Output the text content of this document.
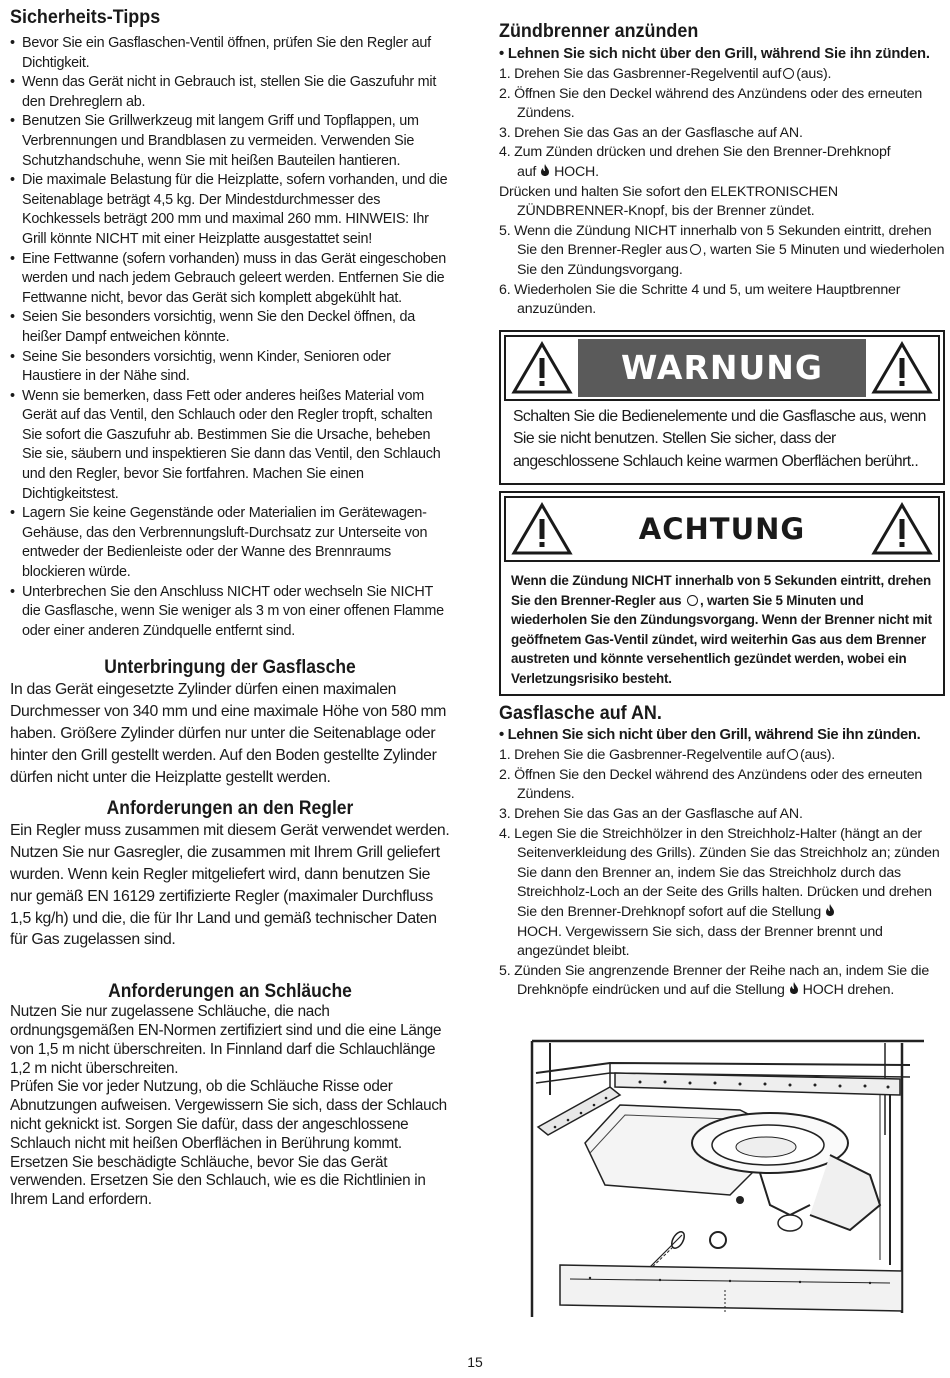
Sicherheits-Tipps
• Bevor Sie ein Gasflaschen-Ventil öffnen, prüfen Sie den Regler auf Dichtigkeit.
• Wenn das Gerät nicht in Gebrauch ist, stellen Sie die Gaszufuhr mit den Drehreglern ab.
• Benutzen Sie Grillwerkzeug mit langem Griff und Topflappen, um Verbrennungen und Brandblasen zu vermeiden. Verwenden Sie Schutzhandschuhe, wenn Sie mit heißen Bauteilen hantieren.
• Die maximale Belastung für die Heizplatte, sofern vorhanden, und die Seitenablage beträgt 4,5 kg. Der Mindestdurchmesser des Kochkessels beträgt 200 mm und maximal 260 mm. HINWEIS: Ihr Grill könnte NICHT mit einer Heizplatte ausgestattet sein!
• Eine Fettwanne (sofern vorhanden) muss in das Gerät eingeschoben werden und nach jedem Gebrauch geleert werden. Entfernen Sie die Fettwanne nicht, bevor das Gerät sich komplett abgekühlt hat.
• Seien Sie besonders vorsichtig, wenn Sie den Deckel öffnen, da heißer Dampf entweichen könnte.
• Seine Sie besonders vorsichtig, wenn Kinder, Senioren oder Haustiere in der Nähe sind.
• Wenn sie bemerken, dass Fett oder anderes heißes Material vom Gerät auf das Ventil, den Schlauch oder den Regler tropft, schalten Sie sofort die Gaszufuhr ab. Bestimmen Sie die Ursache, beheben Sie sie, säubern und inspektieren Sie dann das Ventil, den Schlauch und den Regler, bevor Sie fortfahren. Machen Sie einen Dichtigkeitstest.
• Lagern Sie keine Gegenstände oder Materialien im Gerätewagen-Gehäuse, das den Verbrennungsluft-Durchsatz zur Unterseite von entweder der Bedienleiste oder der Wanne des Brennraums blockieren würde.
• Unterbrechen Sie den Anschluss NICHT oder wechseln Sie NICHT die Gasflasche, wenn Sie weniger als 3 m von einer offenen Flamme oder einer anderen Zündquelle entfernt sind.
Unterbringung der Gasflasche
In das Gerät eingesetzte Zylinder dürfen einen maximalen Durchmesser von 340 mm und eine maximale Höhe von 580 mm haben. Größere Zylinder dürfen nur unter die Seitenablage oder hinter den Grill gestellt werden. Auf den Boden gestellte Zylinder dürfen nicht unter die Heizplatte gestellt werden.
Anforderungen an den Regler
Ein Regler muss zusammen mit diesem Gerät verwendet werden. Nutzen Sie nur Gasregler, die zusammen mit Ihrem Grill geliefert wurden. Wenn kein Regler mitgeliefert wird, dann benutzen Sie nur gemäß EN 16129 zertifizierte Regler (maximaler Durchfluss 1,5 kg/h) und die, die für Ihr Land und gemäß technischer Daten für Gas zugelassen sind.
Anforderungen an Schläuche
Nutzen Sie nur zugelassene Schläuche, die nach ordnungsgemäßen EN-Normen zertifiziert sind und die eine Länge von 1,5 m nicht überschreiten. In Finnland darf die Schlauchlänge 1,2 m nicht überschreiten.
Prüfen Sie vor jeder Nutzung, ob die Schläuche Risse oder Abnutzungen aufweisen. Vergewissern Sie sich, dass der Schlauch nicht geknickt ist. Sorgen Sie dafür, dass der angeschlossene Schlauch nicht mit heißen Oberflächen in Berührung kommt. Ersetzen Sie beschädigte Schläuche, bevor Sie das Gerät verwenden. Ersetzen Sie den Schlauch, wie es die Richtlinien in Ihrem Land erfordern.
Zündbrenner anzünden
• Lehnen Sie sich nicht über den Grill, während Sie ihn zünden.
1. Drehen Sie das Gasbrenner-Regelventil auf (aus).
2. Öffnen Sie den Deckel während des Anzündens oder des erneuten Zündens.
3. Drehen Sie das Gas an der Gasflasche auf AN.
4. Zum Zünden drücken und drehen Sie den Brenner-Drehknopf
auf HOCH.
Drücken und halten Sie sofort den ELEKTRONISCHEN
ZÜNDBRENNER-Knopf, bis der Brenner zündet.
5. Wenn die Zündung NICHT innerhalb von 5 Sekunden eintritt, drehen Sie den Brenner-Regler aus , warten Sie 5 Minuten und wiederholen Sie den Zündungsvorgang.
6. Wiederholen Sie die Schritte 4 und 5, um weitere Hauptbrenner anzuzünden.
WARNUNG
Schalten Sie die Bedienelemente und die Gasflasche aus, wenn Sie sie nicht benutzen. Stellen Sie sicher, dass der angeschlossene Schlauch keine warmen Oberflächen berührt..
ACHTUNG
Wenn die Zündung NICHT innerhalb von 5 Sekunden eintritt, drehen Sie den Brenner-Regler aus , warten Sie 5 Minuten und wiederholen Sie den Zündungsvorgang. Wenn der Brenner nicht mit geöffnetem Gas-Ventil zündet, wird weiterhin Gas aus dem Brenner austreten und könnte versehentlich gezündet werden, wobei ein Verletzungsrisiko besteht.
Gasflasche auf AN.
• Lehnen Sie sich nicht über den Grill, während Sie ihn zünden.
1. Drehen Sie die Gasbrenner-Regelventile auf (aus).
2. Öffnen Sie den Deckel während des Anzündens oder des erneuten Zündens.
3. Drehen Sie das Gas an der Gasflasche auf AN.
4. Legen Sie die Streichhölzer in den Streichholz-Halter (hängt an der Seitenverkleidung des Grills). Zünden Sie das Streichholz an; zünden Sie dann den Brenner an, indem Sie das Streichholz durch das Streichholz-Loch an der Seite des Grills halten. Drücken und drehen Sie den Brenner-Drehknopf sofort auf die Stellung
HOCH. Vergewissern Sie sich, dass der Brenner brennt und angezündet bleibt.
5. Zünden Sie angrenzende Brenner der Reihe nach an, indem Sie die Drehknöpfe eindrücken und auf die Stellung HOCH drehen.
15
